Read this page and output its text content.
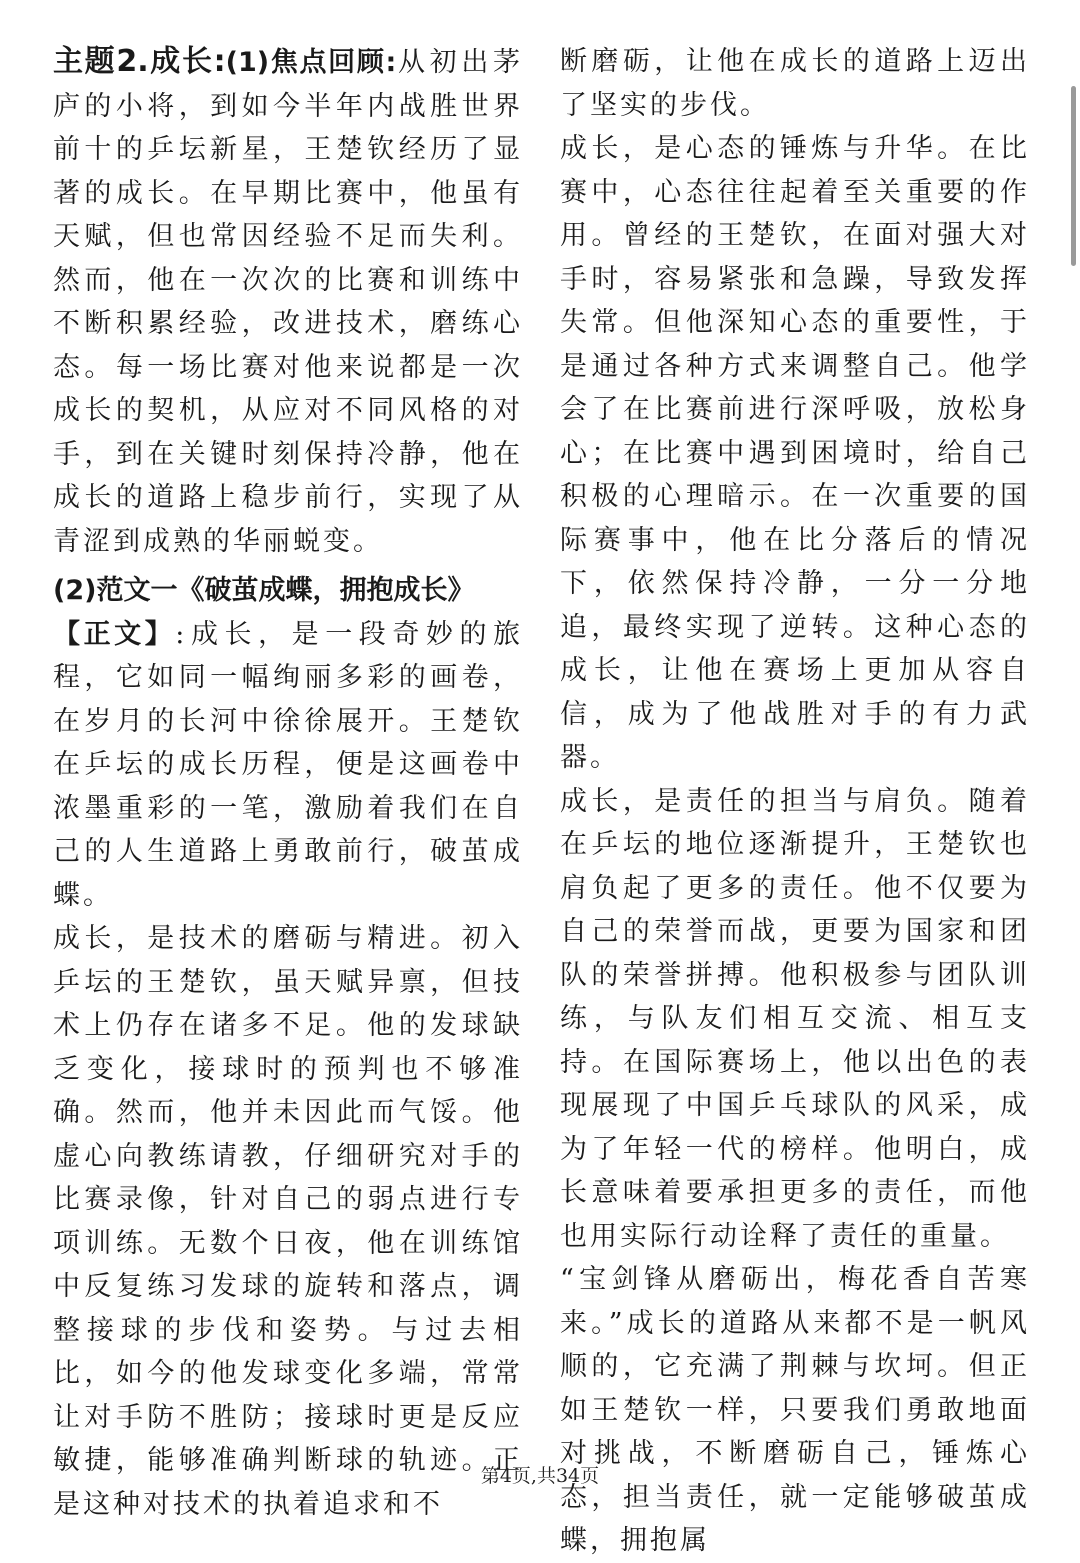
主题2.成长:(1)焦点回顾:从初出茅庐的小将，到如今半年内战胜世界前十的乒坛新星，王楚钦经历了显著的成长。在早期比赛中，他虽有天赋，但也常因经验不足而失利。然而，他在一次次的比赛和训练中不断积累经验，改进技术，磨练心态。每一场比赛对他来说都是一次成长的契机，从应对不同风格的对手，到在关键时刻保持冷静，他在成长的道路上稳步前行，实现了从青涩到成熟的华丽蜕变。

(2)范文一《破茧成蝶，拥抱成长》

【正文】:成长，是一段奇妙的旅程，它如同一幅绚丽多彩的画卷，在岁月的长河中徐徐展开。王楚钦在乒坛的成长历程，便是这画卷中浓墨重彩的一笔，激励着我们在自己的人生道路上勇敢前行，破茧成蝶。

成长，是技术的磨砺与精进。初入乒坛的王楚钦，虽天赋异禀，但技术上仍存在诸多不足。他的发球缺乏变化，接球时的预判也不够准确。然而，他并未因此而气馁。他虚心向教练请教，仔细研究对手的比赛录像，针对自己的弱点进行专项训练。无数个日夜，他在训练馆中反复练习发球的旋转和落点，调整接球的步伐和姿势。与过去相比，如今的他发球变化多端，常常让对手防不胜防；接球时更是反应敏捷，能够准确判断球的轨迹。正是这种对技术的执着追求和不

断磨砺，让他在成长的道路上迈出了坚实的步伐。

成长，是心态的锤炼与升华。在比赛中，心态往往起着至关重要的作用。曾经的王楚钦，在面对强大对手时，容易紧张和急躁，导致发挥失常。但他深知心态的重要性，于是通过各种方式来调整自己。他学会了在比赛前进行深呼吸，放松身心；在比赛中遇到困境时，给自己积极的心理暗示。在一次重要的国际赛事中，他在比分落后的情况下，依然保持冷静，一分一分地追，最终实现了逆转。这种心态的成长，让他在赛场上更加从容自信，成为了他战胜对手的有力武器。

成长，是责任的担当与肩负。随着在乒坛的地位逐渐提升，王楚钦也肩负起了更多的责任。他不仅要为自己的荣誉而战，更要为国家和团队的荣誉拼搏。他积极参与团队训练，与队友们相互交流、相互支持。在国际赛场上，他以出色的表现展现了中国乒乓球队的风采，成为了年轻一代的榜样。他明白，成长意味着要承担更多的责任，而他也用实际行动诠释了责任的重量。

“宝剑锋从磨砺出，梅花香自苦寒来。”成长的道路从来都不是一帆风顺的，它充满了荆棘与坎坷。但正如王楚钦一样，只要我们勇敢地面对挑战，不断磨砺自己，锤炼心态，担当责任，就一定能够破茧成蝶，拥抱属

第4页,共34页
